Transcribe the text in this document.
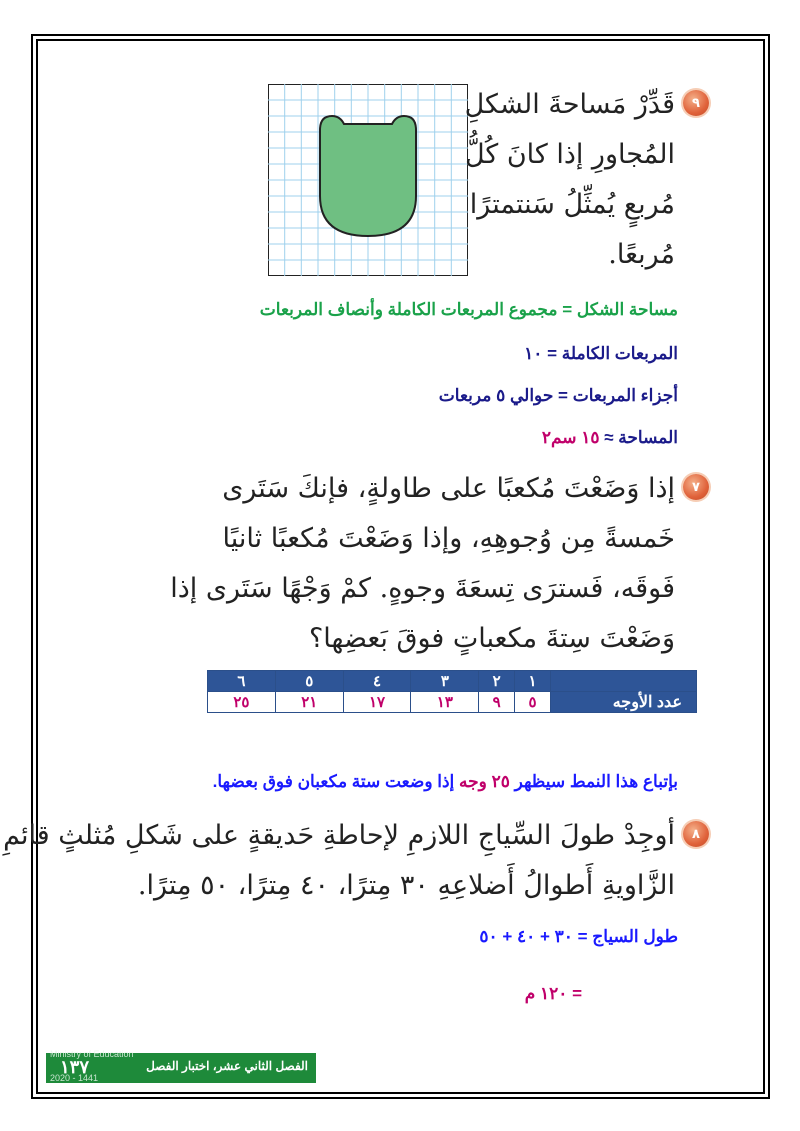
٩
قَدِّرْ مَساحةَ الشكلِ
المُجاورِ إذا كانَ كُلُّ
مُربعٍ يُمثِّلُ سَنتمترًا
مُربعًا.
مساحة الشكل = مجموع المربعات الكاملة وأنصاف المربعات
المربعات الكاملة = ١٠
أجزاء المربعات = حوالي ٥ مربعات
المساحة ≈ ١٥ سم٢
٧
إذا وَضَعْتَ مُكعبًا على طاولةٍ، فإنكَ سَتَرى
خَمسةً مِن وُجوهِهِ، وإذا وَضَعْتَ مُكعبًا ثانيًا
فَوقَه، فَسترَى تِسعَةَ وجوهٍ. كمْ وَجْهًا سَتَرى إذا
وَضَعْتَ سِتةَ مكعباتٍ فوقَ بَعضِها؟
	١	٢	٣	٤	٥	٦
عدد الأوجه	٥	٩	١٣	١٧	٢١	٢٥
بإتباع هذا النمط سيظهر ٢٥ وجه إذا وضعت ستة مكعبان فوق بعضها.
٨
أوجِدْ طولَ السِّياجِ اللازمِ لإحاطةِ حَديقةٍ على شَكلِ مُثلثٍ قائمِ
الزَّاويةِ أَطوالُ أَضلاعِهِ ٣٠ مِترًا، ٤٠ مِترًا، ٥٠ مِترًا.
طول السياج = ٣٠ + ٤٠ + ٥٠
= ١٢٠ م
Ministry of Education
١٣٧	الفصل الثاني عشر، اختبار الفصل
2020 - 1441
